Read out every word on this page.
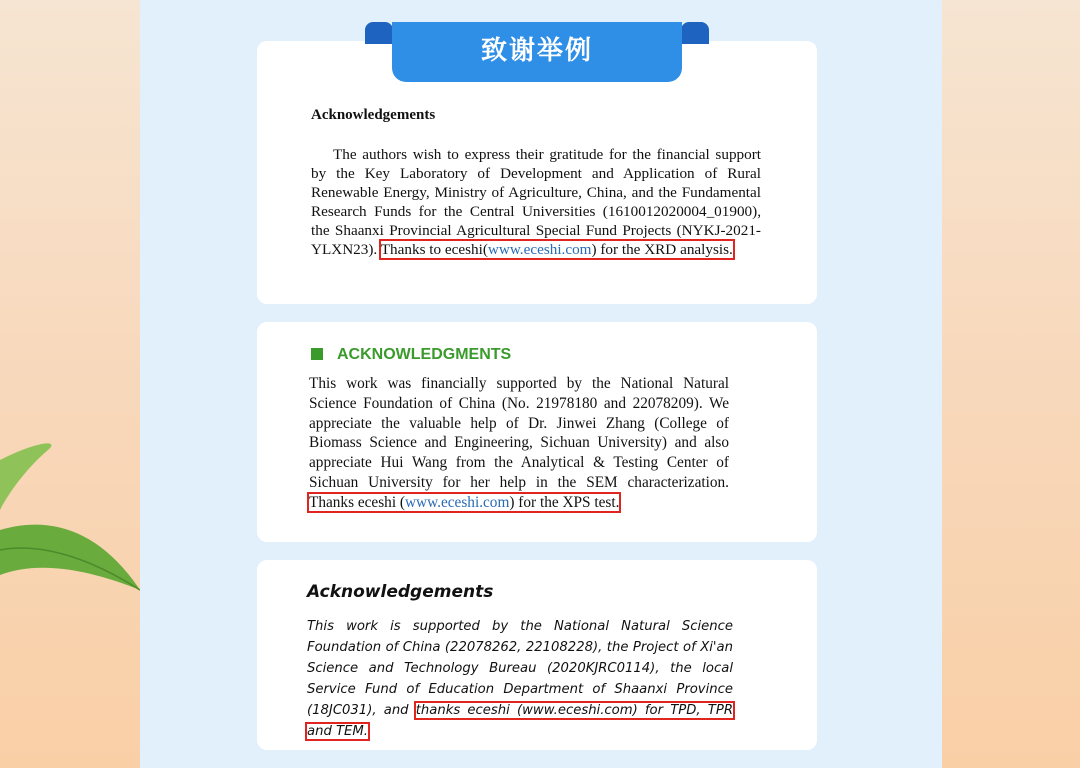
Acknowledgements
The authors wish to express their gratitude for the financial support by the Key Laboratory of Development and Application of Rural Renewable Energy, Ministry of Agriculture, China, and the Fundamental Research Funds for the Central Universities (1610012020004_01900), the Shaanxi Provincial Agricultural Special Fund Projects (NYKJ-2021-YLXN23). Thanks to eceshi(www.eceshi.com) for the XRD analysis.
致谢举例
ACKNOWLEDGMENTS
This work was financially supported by the National Natural Science Foundation of China (No. 21978180 and 22078209). We appreciate the valuable help of Dr. Jinwei Zhang (College of Biomass Science and Engineering, Sichuan University) and also appreciate Hui Wang from the Analytical & Testing Center of Sichuan University for her help in the SEM characterization. Thanks eceshi (www.eceshi.com) for the XPS test.
Acknowledgements
This work is supported by the National Natural Science Foundation of China (22078262, 22108228), the Project of Xi'an Science and Technology Bureau (2020KJRC0114), the local Service Fund of Education Department of Shaanxi Province (18JC031), and thanks eceshi (www.eceshi.com) for TPD, TPR and TEM.
